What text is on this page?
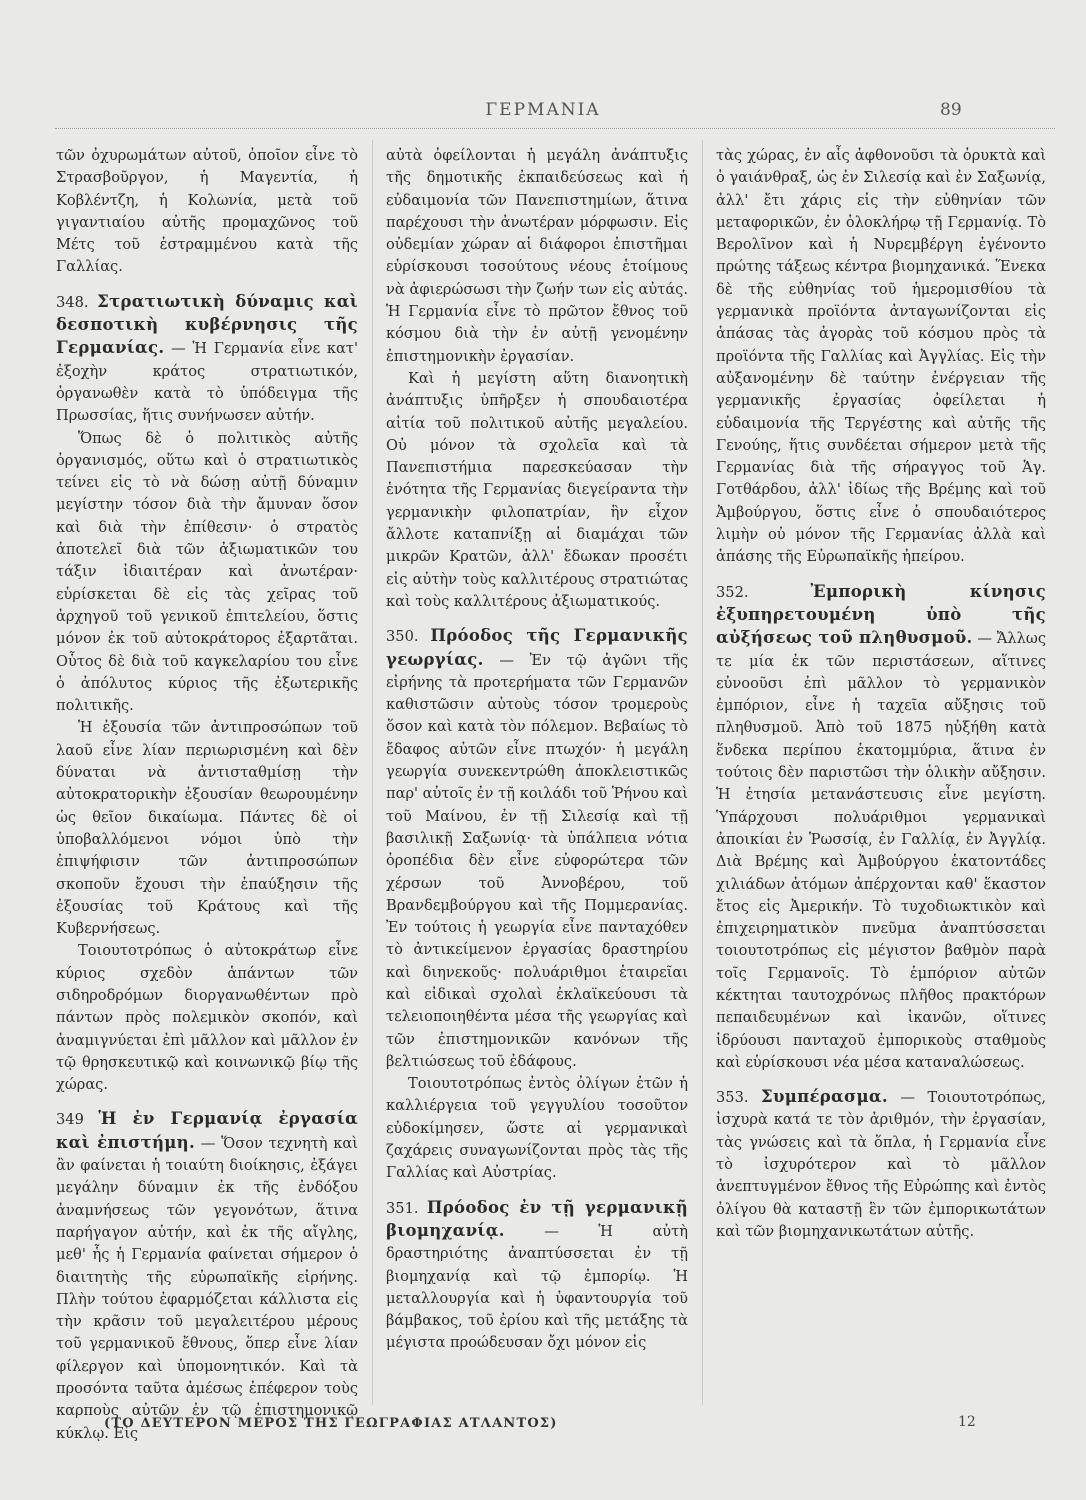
ΓΕΡΜΑΝΙΑ	89

τῶν ὀχυρωμάτων αὐτοῦ, ὁποῖον εἶνε τὸ Στρασβοῦργον, ἡ Μαγεντία, ἡ Κοβλέντζη, ἡ Κολωνία, μετὰ τοῦ γιγαντιαίου αὐτῆς προμαχῶνος τοῦ Μέτς τοῦ ἐστραμμένου κατὰ τῆς Γαλλίας.

348. Στρατιωτικὴ δύναμις καὶ δεσποτικὴ κυβέρνησις τῆς Γερμανίας. — Ἡ Γερμανία εἶνε κατ' ἐξοχὴν κράτος στρατιωτικόν, ὀργανωθὲν κατὰ τὸ ὑπόδειγμα τῆς Πρωσσίας, ἥτις συνήνωσεν αὐτήν.

Ὅπως δὲ ὁ πολιτικὸς αὐτῆς ὀργανισμός, οὕτω καὶ ὁ στρατιωτικὸς τείνει εἰς τὸ νὰ δώσῃ αὐτῇ δύναμιν μεγίστην τόσον διὰ τὴν ἄμυναν ὅσον καὶ διὰ τὴν ἐπίθεσιν· ὁ στρατὸς ἀποτελεῖ διὰ τῶν ἀξιωματικῶν του τάξιν ἰδιαιτέραν καὶ ἀνωτέραν· εὑρίσκεται δὲ εἰς τὰς χεῖρας τοῦ ἀρχηγοῦ τοῦ γενικοῦ ἐπιτελείου, ὅστις μόνον ἐκ τοῦ αὐτοκράτορος ἐξαρτᾶται. Οὗτος δὲ διὰ τοῦ καγκελαρίου του εἶνε ὁ ἀπόλυτος κύριος τῆς ἐξωτερικῆς πολιτικῆς.

Ἡ ἐξουσία τῶν ἀντιπροσώπων τοῦ λαοῦ εἶνε λίαν περιωρισμένη καὶ δὲν δύναται νὰ ἀντισταθμίσῃ τὴν αὐτοκρατορικὴν ἐξουσίαν θεωρουμένην ὡς θεῖον δικαίωμα. Πάντες δὲ οἱ ὑποβαλλόμενοι νόμοι ὑπὸ τὴν ἐπιψήφισιν τῶν ἀντιπροσώπων σκοποῦν ἔχουσι τὴν ἐπαύξησιν τῆς ἐξουσίας τοῦ Κράτους καὶ τῆς Κυβερνήσεως.

Τοιουτοτρόπως ὁ αὐτοκράτωρ εἶνε κύριος σχεδὸν ἁπάντων τῶν σιδηροδρόμων διοργανωθέντων πρὸ πάντων πρὸς πολεμικὸν σκοπόν, καὶ ἀναμιγνύεται ἐπὶ μᾶλλον καὶ μᾶλλον ἐν τῷ θρησκευτικῷ καὶ κοινωνικῷ βίῳ τῆς χώρας.

349 Ἡ ἐν Γερμανίᾳ ἐργασία καὶ ἐπιστήμη. — Ὅσον τεχνητὴ καὶ ἂν φαίνεται ἡ τοιαύτη διοίκησις, ἐξάγει μεγάλην δύναμιν ἐκ τῆς ἐνδόξου ἀναμνήσεως τῶν γεγονότων, ἅτινα παρήγαγον αὐτήν, καὶ ἐκ τῆς αἴγλης, μεθ' ἧς ἡ Γερμανία φαίνεται σήμερον ὁ διαιτητὴς τῆς εὐρωπαϊκῆς εἰρήνης. Πλὴν τούτου ἐφαρμόζεται κάλλιστα εἰς τὴν κρᾶσιν τοῦ μεγαλειτέρου μέρους τοῦ γερμανικοῦ ἔθνους, ὅπερ εἶνε λίαν φίλεργον καὶ ὑπομονητικόν. Καὶ τὰ προσόντα ταῦτα ἀμέσως ἐπέφερον τοὺς καρποὺς αὐτῶν ἐν τῷ ἐπιστημονικῷ κύκλῳ. Εἰς

αὐτὰ ὀφείλονται ἡ μεγάλη ἀνάπτυξις τῆς δημοτικῆς ἐκπαιδεύσεως καὶ ἡ εὐδαιμονία τῶν Πανεπιστημίων, ἅτινα παρέχουσι τὴν ἀνωτέραν μόρφωσιν. Εἰς οὐδεμίαν χώραν αἱ διάφοροι ἐπιστῆμαι εὑρίσκουσι τοσούτους νέους ἑτοίμους νὰ ἀφιερώσωσι τὴν ζωήν των εἰς αὐτάς. Ἡ Γερμανία εἶνε τὸ πρῶτον ἔθνος τοῦ κόσμου διὰ τὴν ἐν αὐτῇ γενομένην ἐπιστημονικὴν ἐργασίαν.

Καὶ ἡ μεγίστη αὕτη διανοητικὴ ἀνάπτυξις ὑπῆρξεν ἡ σπουδαιοτέρα αἰτία τοῦ πολιτικοῦ αὐτῆς μεγαλείου. Οὐ μόνον τὰ σχολεῖα καὶ τὰ Πανεπιστήμια παρεσκεύασαν τὴν ἑνότητα τῆς Γερμανίας διεγείραντα τὴν γερμανικὴν φιλοπατρίαν, ἣν εἶχον ἄλλοτε καταπνίξῃ αἱ διαμάχαι τῶν μικρῶν Κρατῶν, ἀλλ' ἔδωκαν προσέτι εἰς αὐτὴν τοὺς καλλιτέρους στρατιώτας καὶ τοὺς καλλιτέρους ἀξιωματικούς.

350. Πρόοδος τῆς Γερμανικῆς γεωργίας. — Ἐν τῷ ἀγῶνι τῆς εἰρήνης τὰ προτερήματα τῶν Γερμανῶν καθιστῶσιν αὐτοὺς τόσον τρομεροὺς ὅσον καὶ κατὰ τὸν πόλεμον. Βεβαίως τὸ ἔδαφος αὐτῶν εἶνε πτωχόν· ἡ μεγάλη γεωργία συνεκεντρώθη ἀποκλειστικῶς παρ' αὐτοῖς ἐν τῇ κοιλάδι τοῦ Ῥήνου καὶ τοῦ Μαίνου, ἐν τῇ Σιλεσίᾳ καὶ τῇ βασιλικῇ Σαξωνίᾳ· τὰ ὑπάλπεια νότια ὀροπέδια δὲν εἶνε εὐφορώτερα τῶν χέρσων τοῦ Ἀννοβέρου, τοῦ Βρανδεμβούργου καὶ τῆς Πομμερανίας. Ἐν τούτοις ἡ γεωργία εἶνε πανταχόθεν τὸ ἀντικείμενον ἐργασίας δραστηρίου καὶ διηνεκοῦς· πολυάριθμοι ἑταιρεῖαι καὶ εἰδικαὶ σχολαὶ ἐκλαϊκεύουσι τὰ τελειοποιηθέντα μέσα τῆς γεωργίας καὶ τῶν ἐπιστημονικῶν κανόνων τῆς βελτιώσεως τοῦ ἐδάφους.

Τοιουτοτρόπως ἐντὸς ὀλίγων ἐτῶν ἡ καλλιέργεια τοῦ γεγγυλίου τοσοῦτον εὐδοκίμησεν, ὥστε αἱ γερμανικαὶ ζαχάρεις συναγωνίζονται πρὸς τὰς τῆς Γαλλίας καὶ Αὐστρίας.

351. Πρόοδος ἐν τῇ γερμανικῇ βιομηχανίᾳ.	— Ἡ αὐτὴ δραστηριότης ἀναπτύσσεται ἐν τῇ βιομηχανίᾳ καὶ τῷ ἐμπορίῳ. Ἡ μεταλλουργία καὶ ἡ ὑφαντουργία τοῦ βάμβακος, τοῦ ἐρίου καὶ τῆς μετάξης τὰ μέγιστα προώδευσαν ὄχι μόνον εἰς

τὰς χώρας, ἐν αἷς ἀφθονοῦσι τὰ ὀρυκτὰ καὶ ὁ γαιάνθραξ, ὡς ἐν Σιλεσίᾳ καὶ ἐν Σαξωνίᾳ, ἀλλ' ἔτι χάρις εἰς τὴν εὐθηνίαν τῶν μεταφορικῶν, ἐν ὁλοκλήρῳ τῇ Γερμανίᾳ. Τὸ Βερολῖνον καὶ ἡ Νυρεμβέργη ἐγένοντο πρώτης τάξεως κέντρα βιομηχανικά. Ἕνεκα δὲ τῆς εὐθηνίας τοῦ ἡμερομισθίου τὰ γερμανικὰ προϊόντα ἀνταγωνίζονται εἰς ἁπάσας τὰς ἀγορὰς τοῦ κόσμου πρὸς τὰ προϊόντα τῆς Γαλλίας καὶ Ἀγγλίας. Εἰς τὴν αὐξανομένην δὲ ταύτην ἐνέργειαν τῆς γερμανικῆς ἐργασίας ὀφείλεται ἡ εὐδαιμονία τῆς Τεργέστης καὶ αὐτῆς τῆς Γενούης, ἥτις συνδέεται σήμερον μετὰ τῆς Γερμανίας διὰ τῆς σήραγγος τοῦ Ἁγ. Γοτθάρδου, ἀλλ' ἰδίως τῆς Βρέμης καὶ τοῦ Ἀμβούργου, ὅστις εἶνε ὁ σπουδαιότερος λιμὴν οὐ μόνον τῆς Γερμανίας ἀλλὰ καὶ ἁπάσης τῆς Εὐρωπαϊκῆς ἠπείρου.

352.	Ἐμπορικὴ κίνησις ἐξυπηρετουμένη ὑπὸ τῆς αὐξήσεως τοῦ πληθυσμοῦ. — Ἄλλως τε μία ἐκ τῶν περιστάσεων, αἵτινες εὐνοοῦσι ἐπὶ μᾶλλον τὸ γερμανικὸν ἐμπόριον, εἶνε ἡ ταχεῖα αὔξησις τοῦ πληθυσμοῦ. Ἀπὸ τοῦ 1875 ηὐξήθη κατὰ ἕνδεκα περίπου ἑκατομμύρια, ἅτινα ἐν τούτοις δὲν παριστῶσι τὴν ὁλικὴν αὔξησιν. Ἡ ἐτησία μετανάστευσις εἶνε μεγίστη. Ὑπάρχουσι πολυάριθμοι γερμανικαὶ ἀποικίαι ἐν Ῥωσσίᾳ, ἐν Γαλλίᾳ, ἐν Ἀγγλίᾳ. Διὰ Βρέμης καὶ Ἀμβούργου ἑκατοντάδες χιλιάδων ἀτόμων ἀπέρχονται καθ' ἕκαστον ἔτος εἰς Ἀμερικήν. Τὸ τυχοδιωκτικὸν καὶ ἐπιχειρηματικὸν πνεῦμα ἀναπτύσσεται τοιουτοτρόπως εἰς μέγιστον βαθμὸν παρὰ τοῖς Γερμανοῖς. Τὸ ἐμπόριον αὐτῶν κέκτηται ταυτοχρόνως πλῆθος πρακτόρων πεπαιδευμένων καὶ ἱκανῶν, οἵτινες ἱδρύουσι πανταχοῦ ἐμπορικοὺς σταθμοὺς καὶ εὑρίσκουσι νέα μέσα καταναλώσεως.

353. Συμπέρασμα. — Τοιουτοτρόπως, ἰσχυρὰ κατά τε τὸν ἀριθμόν, τὴν ἐργασίαν, τὰς γνώσεις καὶ τὰ ὅπλα, ἡ Γερμανία εἶνε τὸ ἰσχυρότερον καὶ τὸ μᾶλλον ἀνεπτυγμένον ἔθνος τῆς Εὐρώπης καὶ ἐντὸς ὀλίγου θὰ καταστῇ ἓν τῶν ἐμπορικωτάτων καὶ τῶν βιομηχανικωτάτων αὐτῆς.

(ΤΟ ΔΕΥΤΕΡΟΝ ΜΕΡΟΣ ΤΗΣ ΓΕΩΓΡΑΦΙΑΣ ΑΤΛΑΝΤΟΣ)	12
